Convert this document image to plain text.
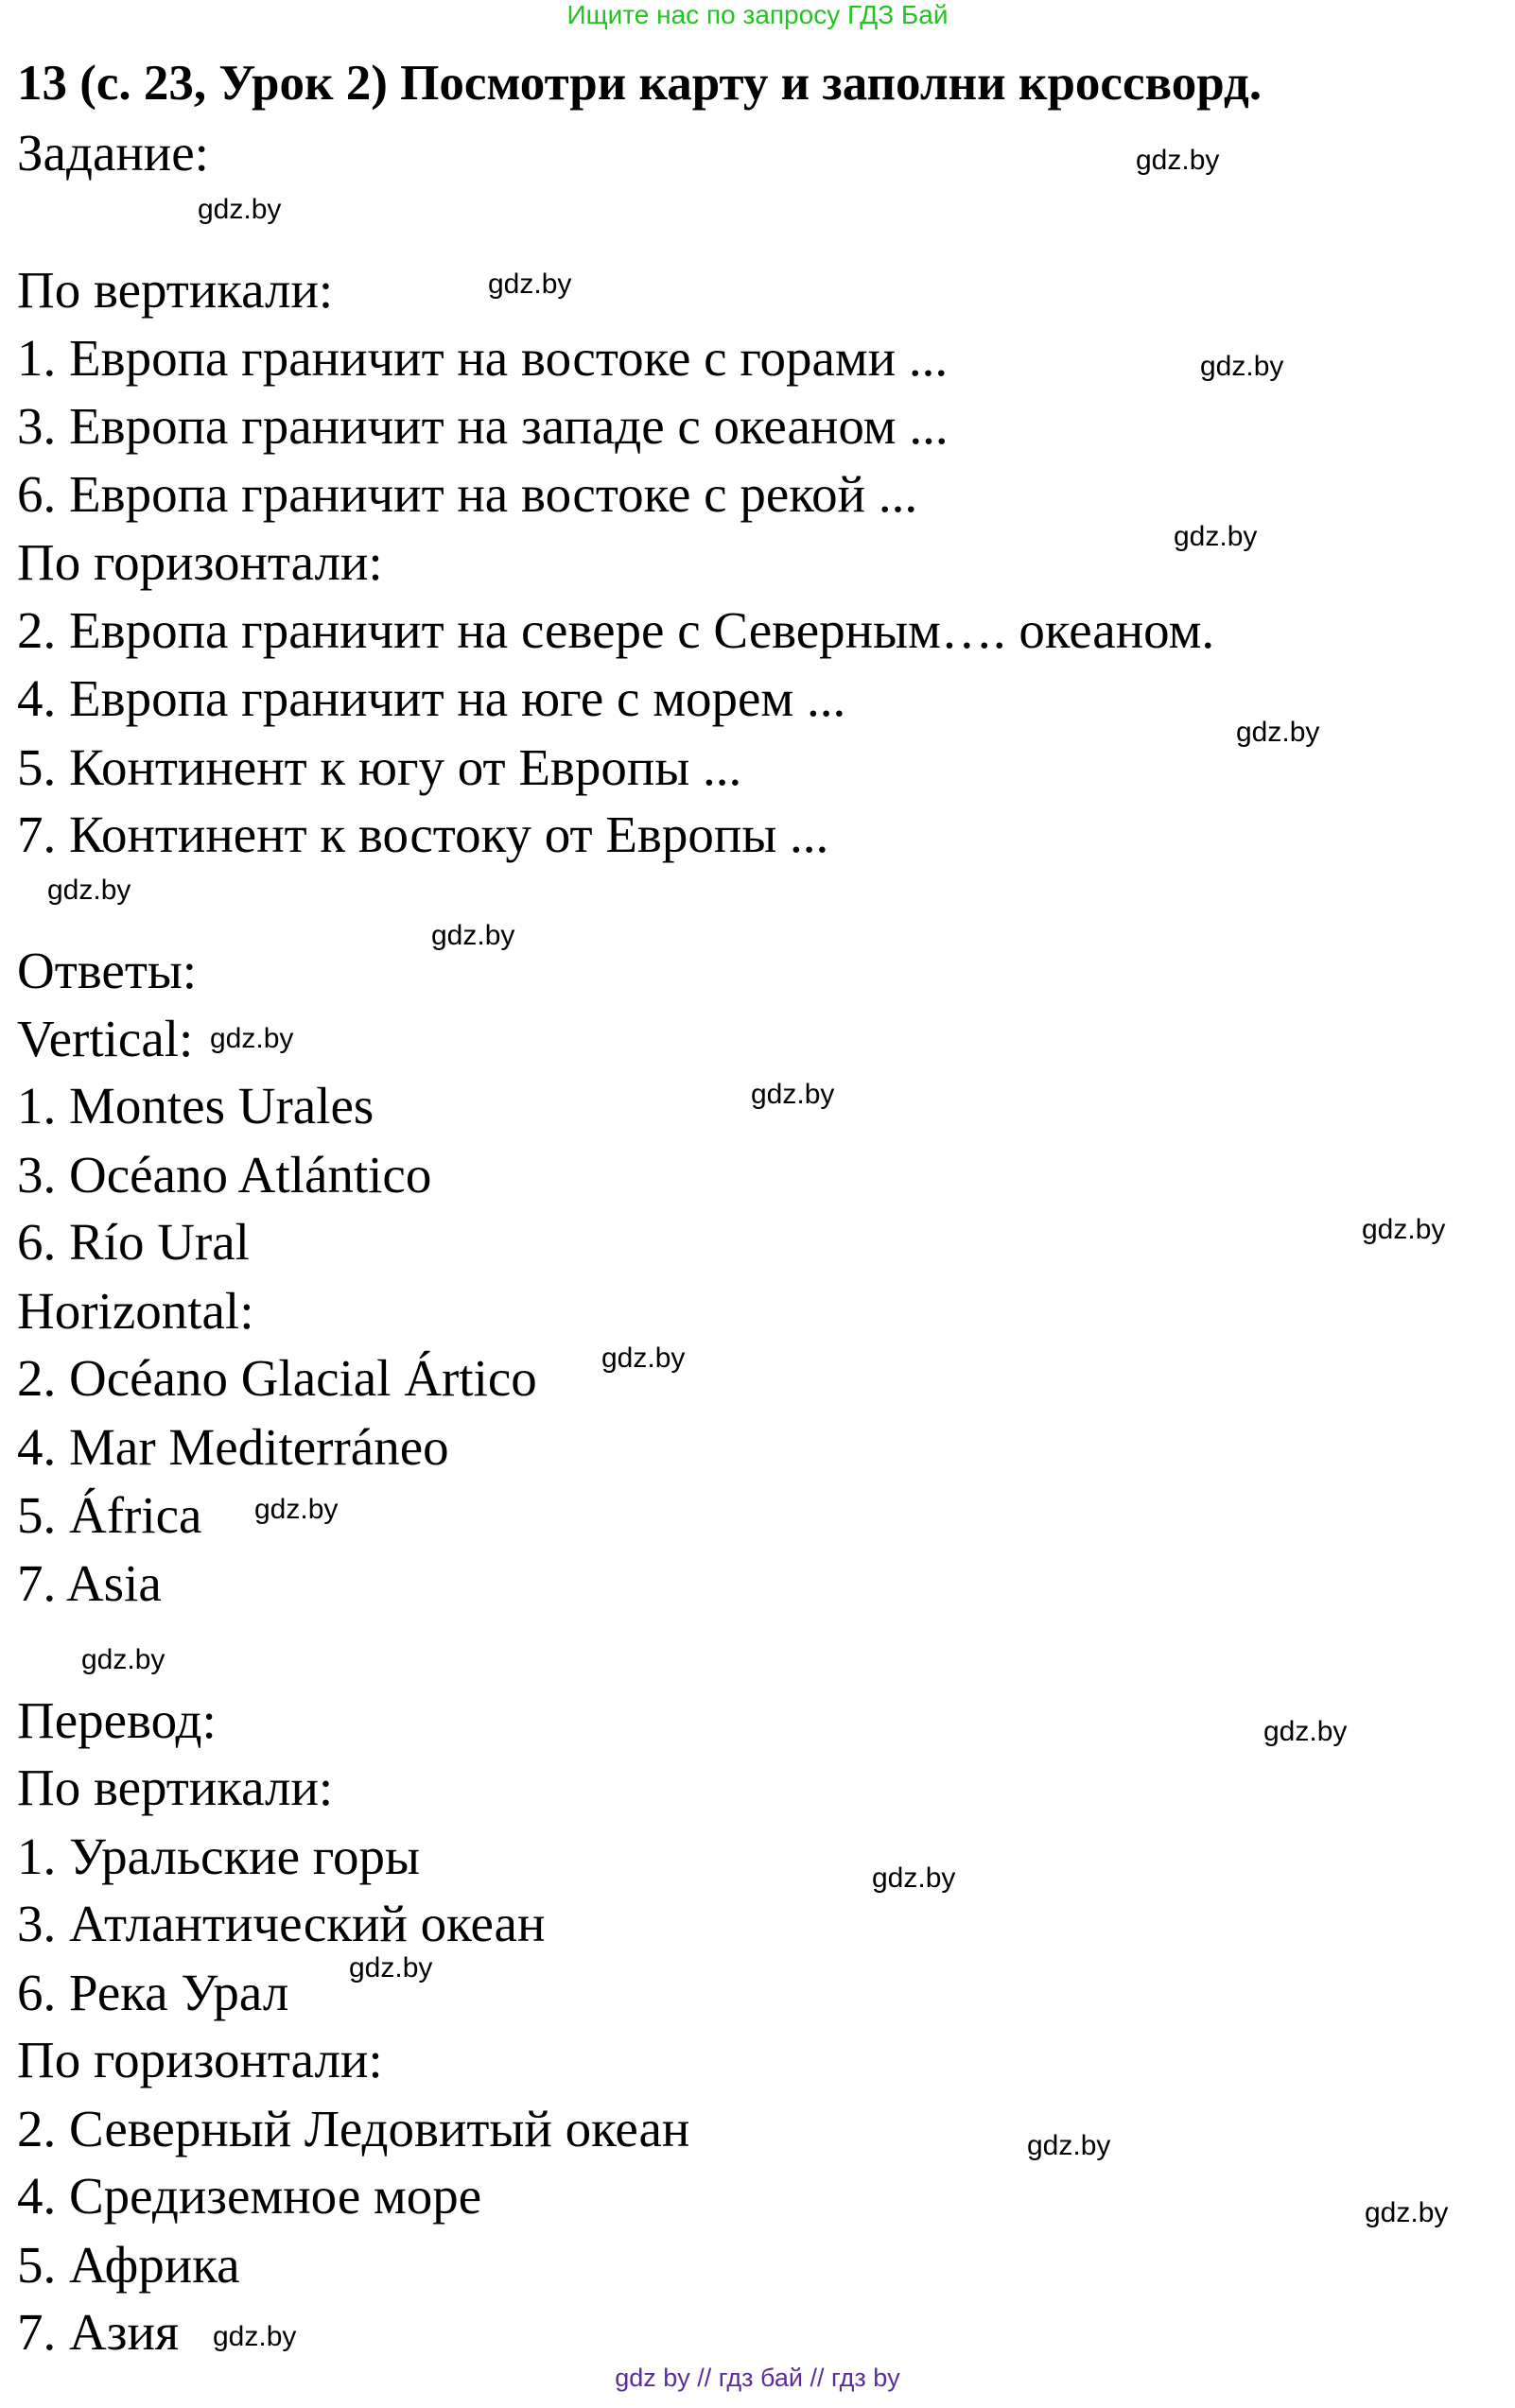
Ищите нас по запросу ГДЗ Бай
13 (с. 23, Урок 2) Посмотри карту и заполни кроссворд.
Задание:
По вертикали:
1. Европа граничит на востоке с горами ...
3. Европа граничит на западе с океаном ...
6. Европа граничит на востоке с рекой ...
По горизонтали:
2. Европа граничит на севере с Северным…. океаном.
4. Европа граничит на юге с морем ...
5. Континент к югу от Европы ...
7. Континент к востоку от Европы ...
Ответы:
Vertical:
1. Montes Urales
3. Océano Atlántico
6. Río Ural
Horizontal:
2. Océano Glacial Ártico
4. Mar Mediterráneo
5. África
7. Asia
Перевод:
По вертикали:
1. Уральские горы
3. Атлантический океан
6. Река Урал
По горизонтали:
2. Северный Ледовитый океан
4. Средиземное море
5. Африка
7. Азия
gdz.by
gdz.by
gdz.by
gdz.by
gdz.by
gdz.by
gdz.by
gdz.by
gdz.by
gdz.by
gdz.by
gdz.by
gdz.by
gdz.by
gdz.by
gdz.by
gdz.by
gdz.by
gdz.by
gdz.by
gdz by // гдз бай // гдз by
